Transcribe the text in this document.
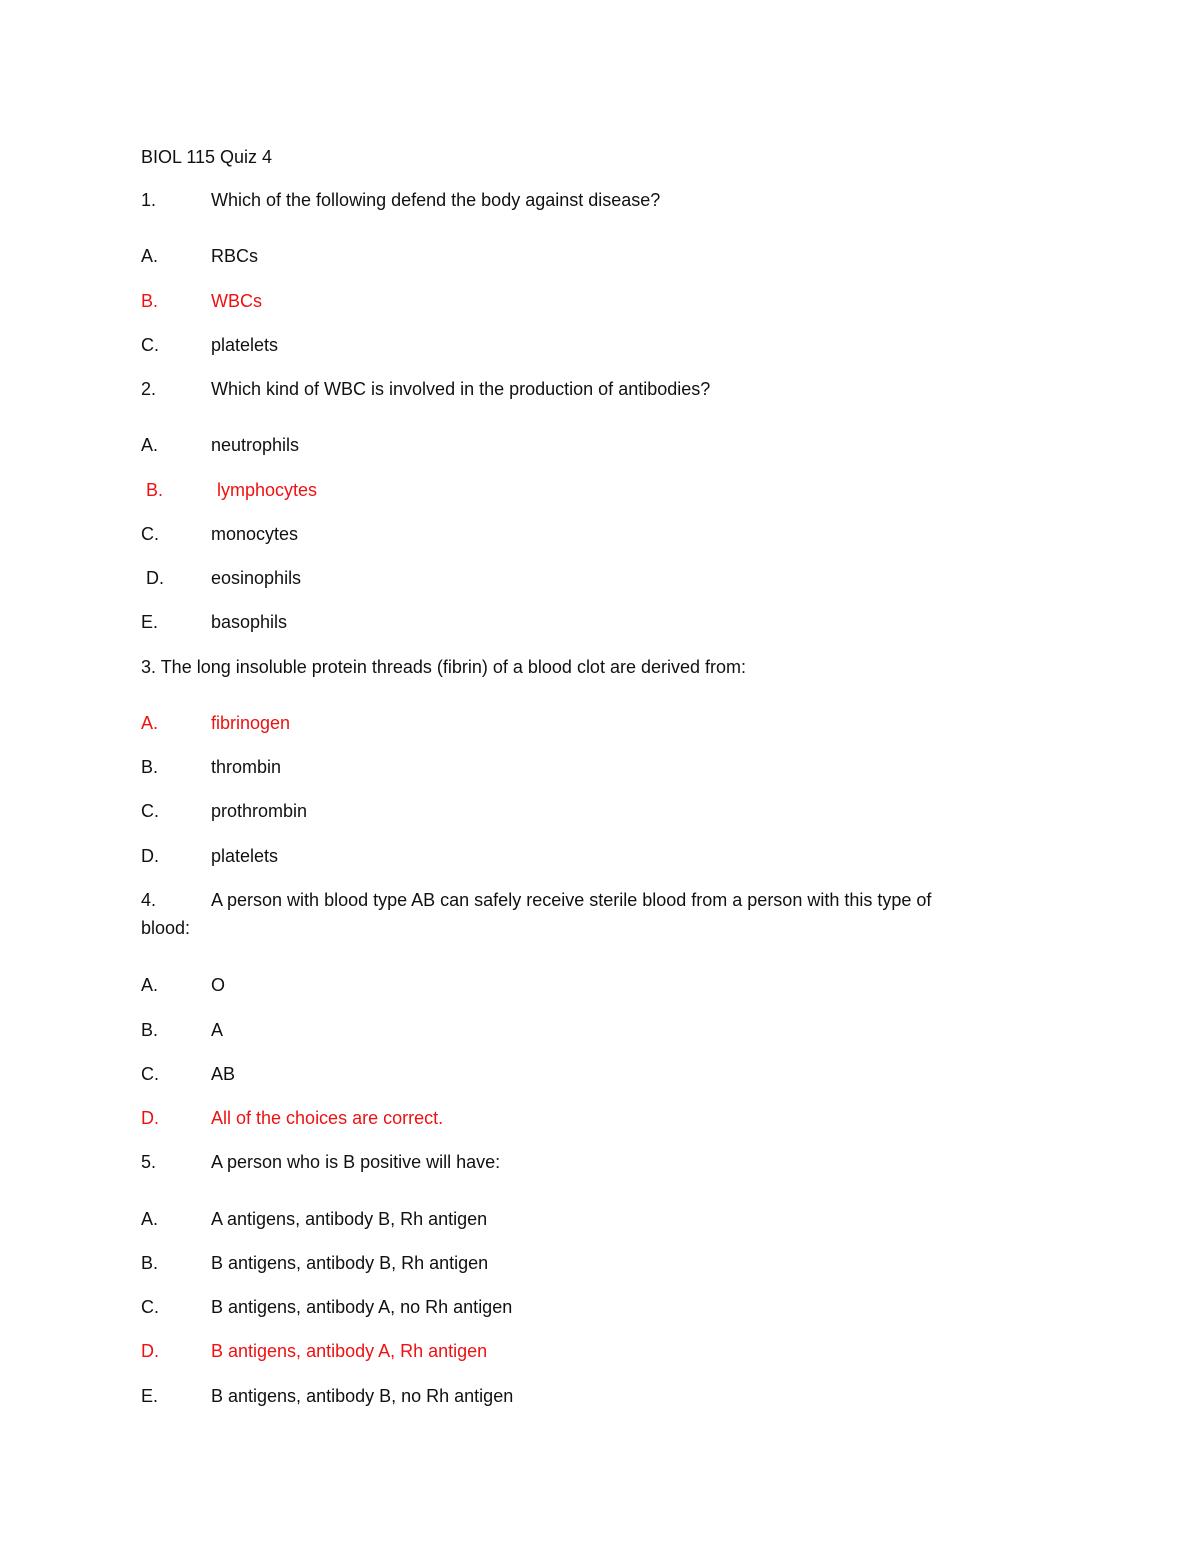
BIOL 115 Quiz 4
1.	Which of the following defend the body against disease?
A.	RBCs
B.	WBCs
C.	platelets
2.	Which kind of WBC is involved in the production of antibodies?
A.	neutrophils
B.	lymphocytes
C.	monocytes
D.	eosinophils
E.	basophils
3. The long insoluble protein threads (fibrin) of a blood clot are derived from:
A.	fibrinogen
B.	thrombin
C.	prothrombin
D.	platelets
4.	A person with blood type AB can safely receive sterile blood from a person with this type of
blood:
A.	O
B.	A
C.	AB
D.	All of the choices are correct.
5.	A person who is B positive will have:
A.	A antigens, antibody B, Rh antigen
B.	B antigens, antibody B, Rh antigen
C.	B antigens, antibody A, no Rh antigen
D.	B antigens, antibody A, Rh antigen
E.	B antigens, antibody B, no Rh antigen
